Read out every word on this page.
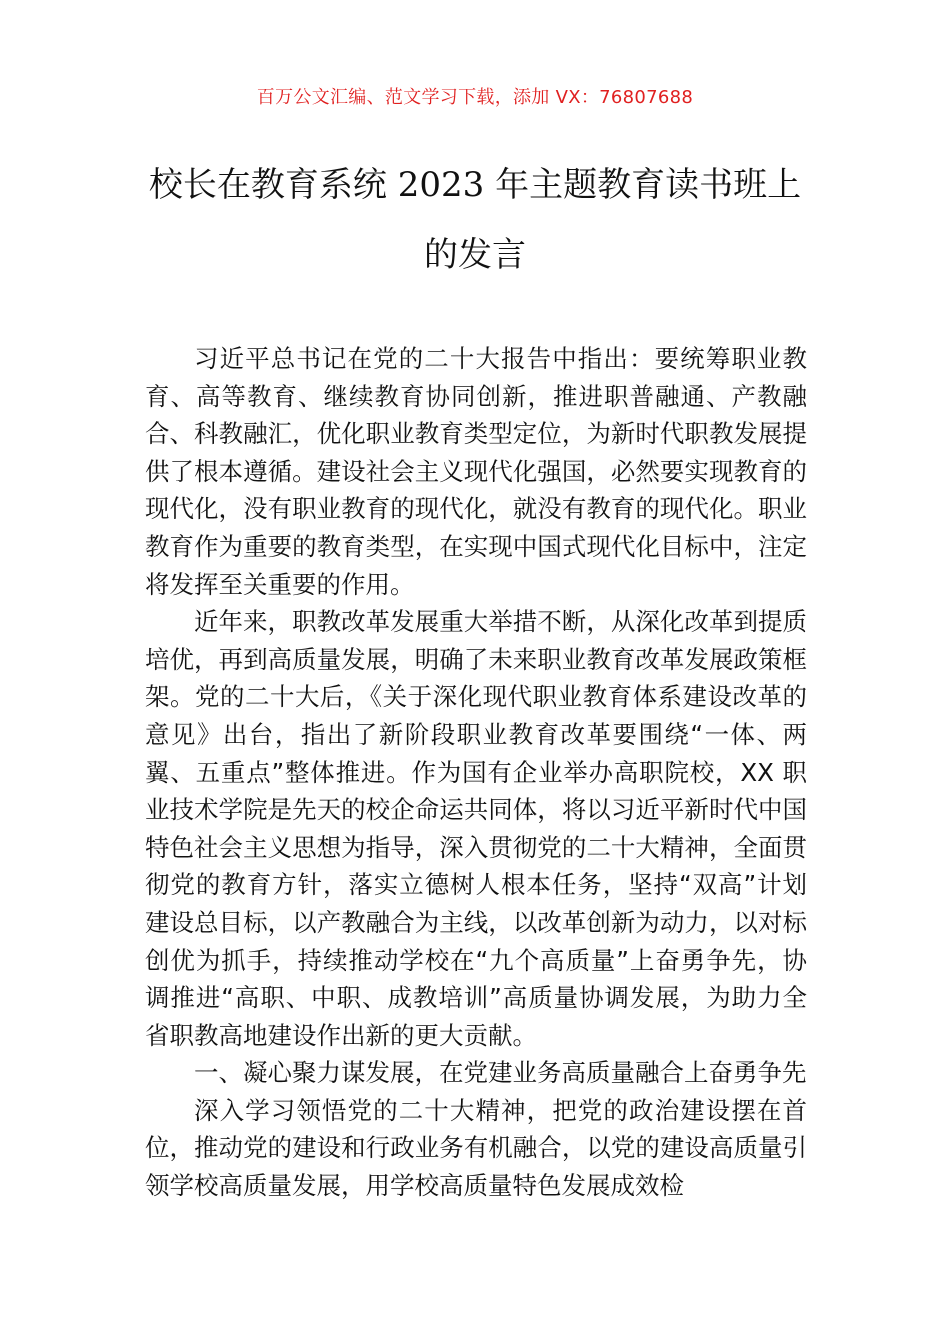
百万公文汇编、范文学习下载，添加 VX：76807688
校长在教育系统 2023 年主题教育读书班上
的发言

习近平总书记在党的二十大报告中指出：要统筹职业教育、高等教育、继续教育协同创新，推进职普融通、产教融合、科教融汇，优化职业教育类型定位，为新时代职教发展提供了根本遵循。建设社会主义现代化强国，必然要实现教育的现代化，没有职业教育的现代化，就没有教育的现代化。职业教育作为重要的教育类型，在实现中国式现代化目标中，注定将发挥至关重要的作用。

近年来，职教改革发展重大举措不断，从深化改革到提质培优，再到高质量发展，明确了未来职业教育改革发展政策框架。党的二十大后，《关于深化现代职业教育体系建设改革的意见》出台，指出了新阶段职业教育改革要围绕“一体、两翼、五重点”整体推进。作为国有企业举办高职院校，XX 职业技术学院是先天的校企命运共同体，将以习近平新时代中国特色社会主义思想为指导，深入贯彻党的二十大精神，全面贯彻党的教育方针，落实立德树人根本任务，坚持“双高”计划建设总目标，以产教融合为主线，以改革创新为动力，以对标创优为抓手，持续推动学校在“九个高质量”上奋勇争先，协调推进“高职、中职、成教培训”高质量协调发展，为助力全省职教高地建设作出新的更大贡献。

一、凝心聚力谋发展，在党建业务高质量融合上奋勇争先

深入学习领悟党的二十大精神，把党的政治建设摆在首位，推动党的建设和行政业务有机融合，以党的建设高质量引领学校高质量发展，用学校高质量特色发展成效检
